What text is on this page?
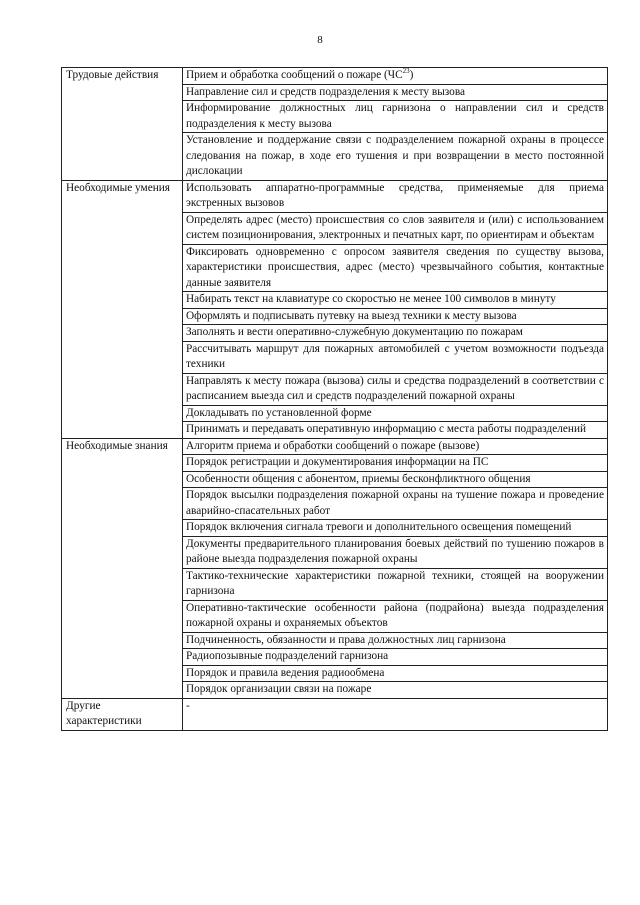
8
Трудовые действия	Прием и обработка сообщений о пожаре (ЧС$^{23}$)
	Направление сил и средств подразделения к месту вызова
	Информирование должностных лиц гарнизона о направлении сил и средств подразделения к месту вызова
	Установление и поддержание связи с подразделением пожарной охраны в процессе следования на пожар, в ходе его тушения и при возвращении в место постоянной дислокации
Необходимые умения	Использовать аппаратно-программные средства, применяемые для приема экстренных вызовов
	Определять адрес (место) происшествия со слов заявителя и (или) с использованием систем позиционирования, электронных и печатных карт, по ориентирам и объектам
	Фиксировать одновременно с опросом заявителя сведения по существу вызова, характеристики происшествия, адрес (место) чрезвычайного события, контактные данные заявителя
	Набирать текст на клавиатуре со скоростью не менее 100 символов в минуту
	Оформлять и подписывать путевку на выезд техники к месту вызова
	Заполнять и вести оперативно-служебную документацию по пожарам
	Рассчитывать маршрут для пожарных автомобилей с учетом возможности подъезда техники
	Направлять к месту пожара (вызова) силы и средства подразделений в соответствии с расписанием выезда сил и средств подразделений пожарной охраны
	Докладывать по установленной форме
	Принимать и передавать оперативную информацию с места работы подразделений
Необходимые знания	Алгоритм приема и обработки сообщений о пожаре (вызове)
	Порядок регистрации и документирования информации на ПС
	Особенности общения с абонентом, приемы бесконфликтного общения
	Порядок высылки подразделения пожарной охраны на тушение пожара и проведение аварийно-спасательных работ
	Порядок включения сигнала тревоги и дополнительного освещения помещений
	Документы предварительного планирования боевых действий по тушению пожаров в районе выезда подразделения пожарной охраны
	Тактико-технические характеристики пожарной техники, стоящей на вооружении гарнизона
	Оперативно-тактические особенности района (подрайона) выезда подразделения пожарной охраны и охраняемых объектов
	Подчиненность, обязанности и права должностных лиц гарнизона
	Радиопозывные подразделений гарнизона
	Порядок и правила ведения радиообмена
	Порядок организации связи на пожаре
Другие характеристики	-
